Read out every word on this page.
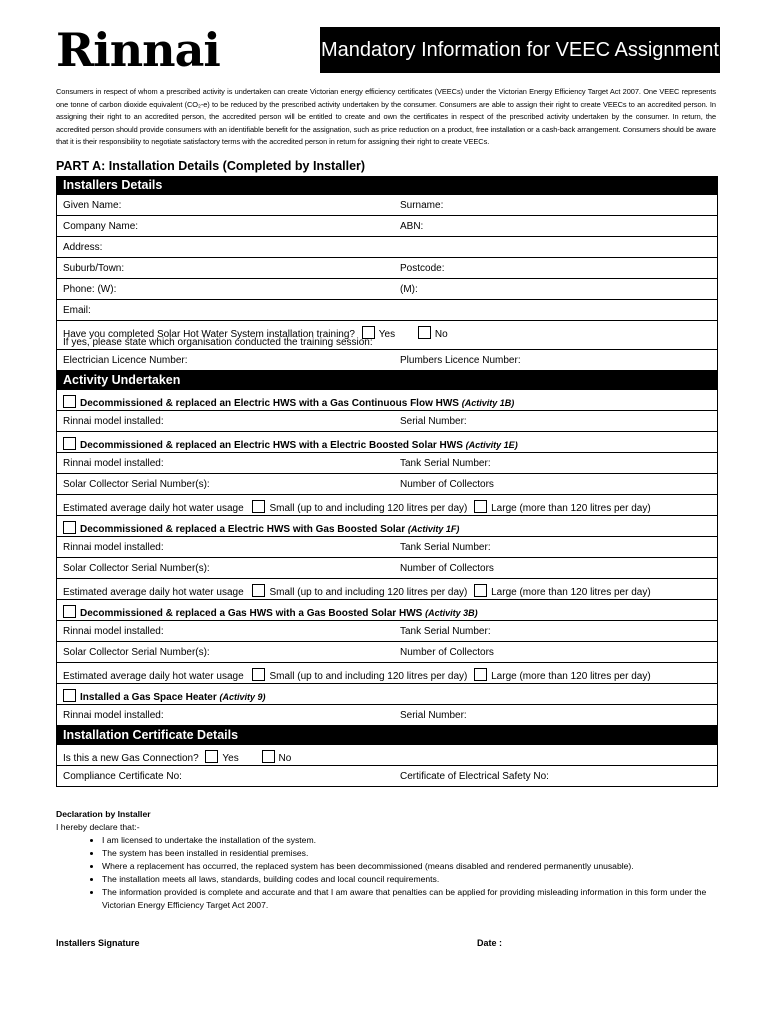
Rinnai	Mandatory Information for VEEC Assignment
Consumers in respect of whom a prescribed activity is undertaken can create Victorian energy efficiency certificates (VEECs) under the Victorian Energy Efficiency Target Act 2007. One VEEC represents one tonne of carbon dioxide equivalent (CO₂-e) to be reduced by the prescribed activity undertaken by the consumer. Consumers are able to assign their right to create VEECs to an accredited person. In assigning their right to an accredited person, the accredited person will be entitled to create and own the certificates in respect of the prescribed activity undertaken by the consumer. In return, the accredited person should provide consumers with an identifiable benefit for the assignation, such as price reduction on a product, free installation or a cash-back arrangement. Consumers should be aware that it is their responsibility to negotiate satisfactory terms with the accredited person in return for assigning their right to create VEECs.
PART A: Installation Details (Completed by Installer)
Installers Details
Given Name:	Surname:
Company Name:	ABN:
Address:
Suburb/Town:	Postcode:
Phone: (W):	(M):
Email:
Have you completed Solar Hot Water System installation training? Yes	No
If yes, please state which organisation conducted the training session:
Electrician Licence Number:	Plumbers Licence Number:
Activity Undertaken
Decommissioned & replaced an Electric HWS with a Gas Continuous Flow HWS (Activity 1B)
Rinnai model installed:	Serial Number:
Decommissioned & replaced an Electric HWS with a Electric Boosted Solar HWS (Activity 1E)
Rinnai model installed:	Tank Serial Number:
Solar Collector Serial Number(s):	Number of Collectors
Estimated average daily hot water usage	Small (up to and including 120 litres per day) Large (more than 120 litres per day)
Decommissioned & replaced a Electric HWS with Gas Boosted Solar (Activity 1F)
Rinnai model installed:	Tank Serial Number:
Solar Collector Serial Number(s):	Number of Collectors
Estimated average daily hot water usage	Small (up to and including 120 litres per day) Large (more than 120 litres per day)
Decommissioned & replaced a Gas HWS with a Gas Boosted Solar HWS (Activity 3B)
Rinnai model installed:	Tank Serial Number:
Solar Collector Serial Number(s):	Number of Collectors
Estimated average daily hot water usage	Small (up to and including 120 litres per day) Large (more than 120 litres per day)
Installed a Gas Space Heater (Activity 9)
Rinnai model installed:	Serial Number:
Installation Certificate Details
Is this a new Gas Connection? Yes	No
Compliance Certificate No:	Certificate of Electrical Safety No:
Declaration by Installer
I hereby declare that:-
• I am licensed to undertake the installation of the system.
• The system has been installed in residential premises.
• Where a replacement has occurred, the replaced system has been decommissioned (means disabled and rendered permanently unusable).
• The installation meets all laws, standards, building codes and local council requirements.
• The information provided is complete and accurate and that I am aware that penalties can be applied for providing misleading information in this form under the Victorian Energy Efficiency Target Act 2007.
Installers Signature	Date :
